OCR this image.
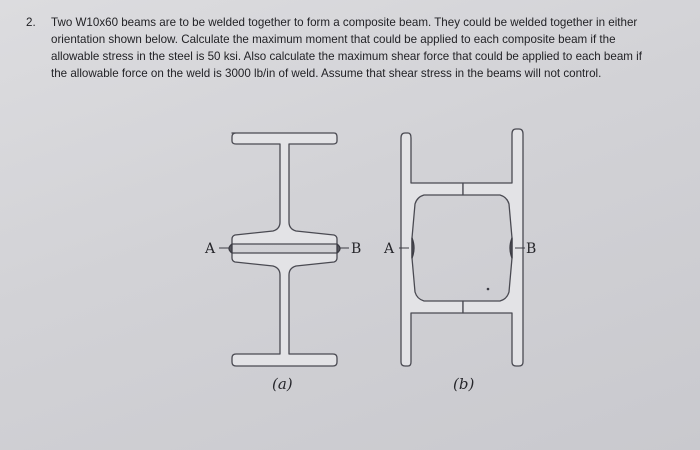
2. Two W10x60 beams are to be welded together to form a composite beam. They could be welded together in either
orientation shown below. Calculate the maximum moment that could be applied to each composite beam if the
allowable stress in the steel is 50 ksi. Also calculate the maximum shear force that could be applied to each beam if
the allowable force on the weld is 3000 lb/in of weld. Assume that shear stress in the beams will not control.
A	B
(a)
A	B
(b)
